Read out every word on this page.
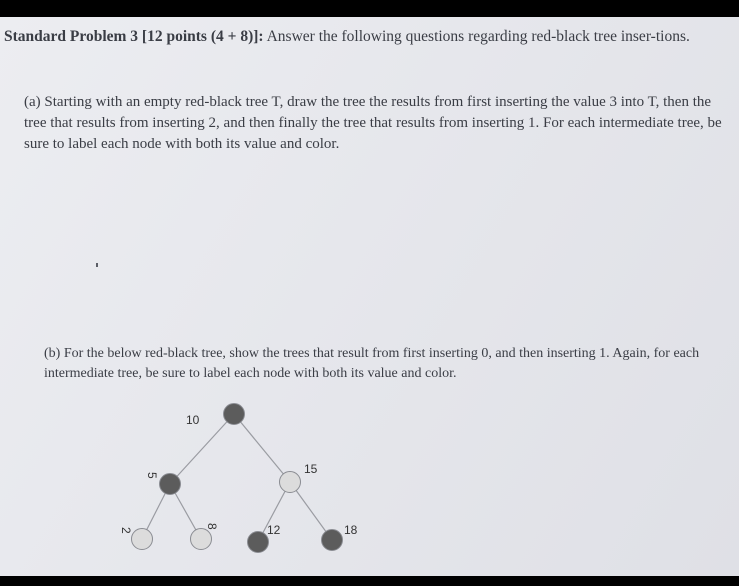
Standard Problem 3 [12 points (4 + 8)]: Answer the following questions regarding red-black tree inser-tions.
(a) Starting with an empty red-black tree T, draw the tree the results from first inserting the value 3 into T, then the tree that results from inserting 2, and then finally the tree that results from inserting 1. For each intermediate tree, be sure to label each node with both its value and color.
(b) For the below red-black tree, show the trees that result from first inserting 0, and then inserting 1. Again, for each intermediate tree, be sure to label each node with both its value and color.
10
5	15
2
8	12	18
